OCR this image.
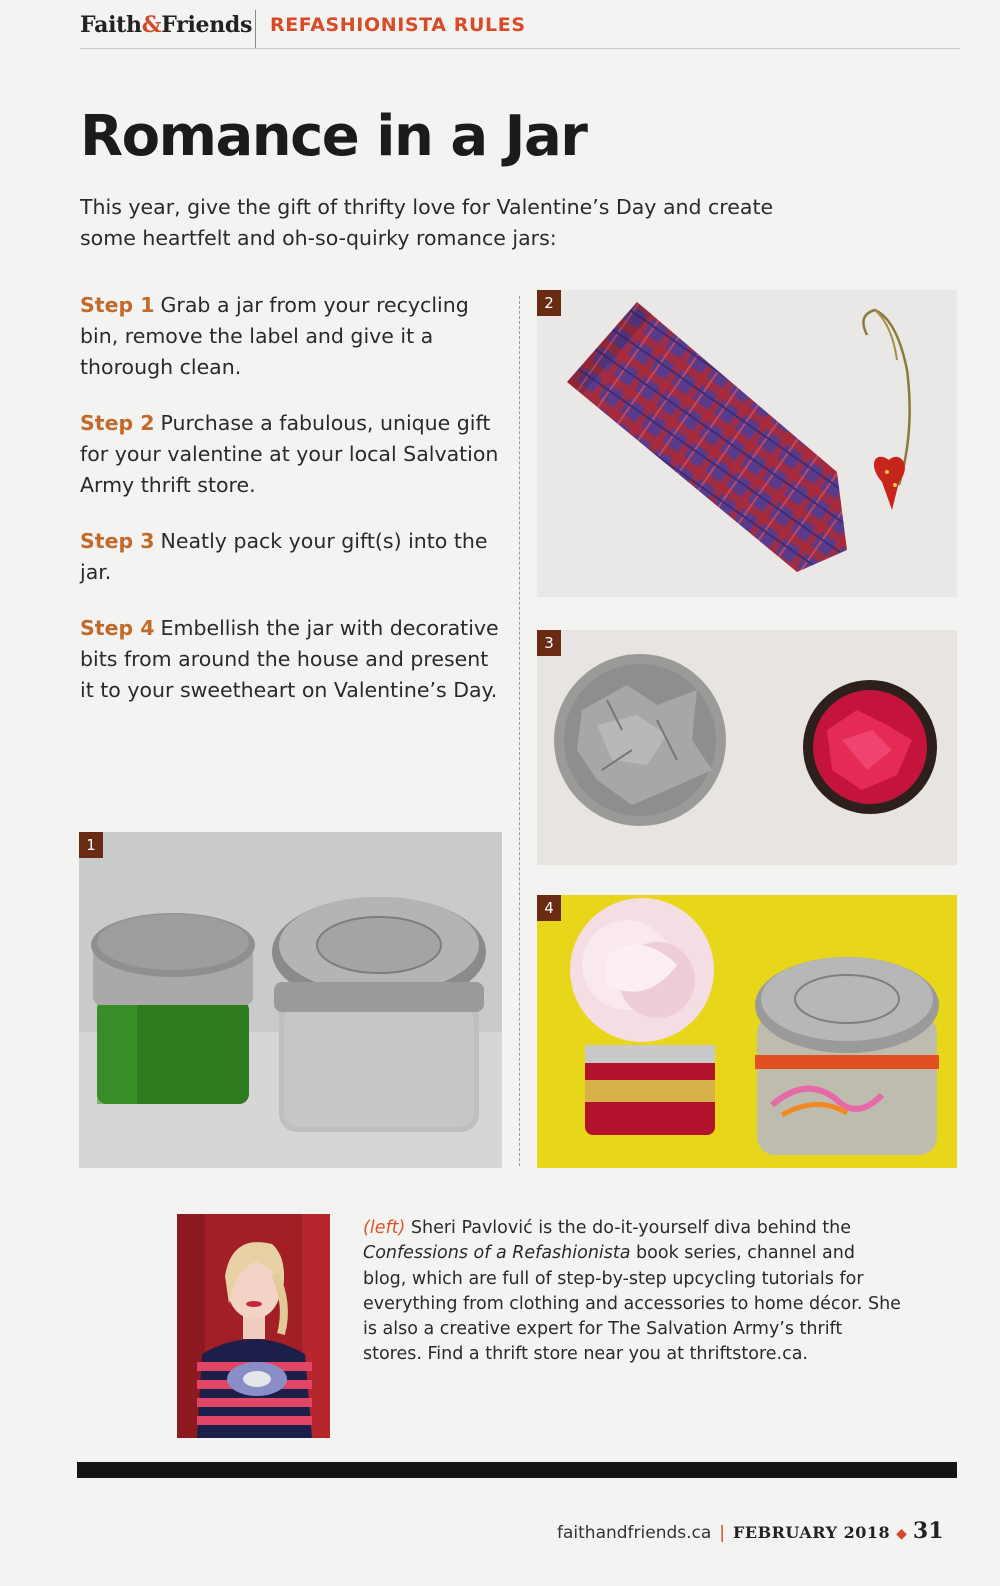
Faith&Friends REFASHIONISTA RULES
Romance in a Jar
This year, give the gift of thrifty love for Valentine’s Day and create some heartfelt and oh-so-quirky romance jars:
Step 1 Grab a jar from your recycling bin, remove the label and give it a thorough clean.
Step 2 Purchase a fabulous, unique gift for your valentine at your local Salvation Army thrift store.
Step 3 Neatly pack your gift(s) into the jar.
Step 4 Embellish the jar with decorative bits from around the house and present it to your sweetheart on Valentine’s Day.
2
3
1
4
(left) Sheri Pavlović is the do-it-yourself diva behind the Confessions of a Refashionista book series, channel and blog, which are full of step-by-step upcycling tutorials for everything from clothing and accessories to home décor. She is also a creative expert for The Salvation Army’s thrift stores. Find a thrift store near you at thriftstore.ca.
faithandfriends.ca | FEBRUARY 2018 ◆ 31
